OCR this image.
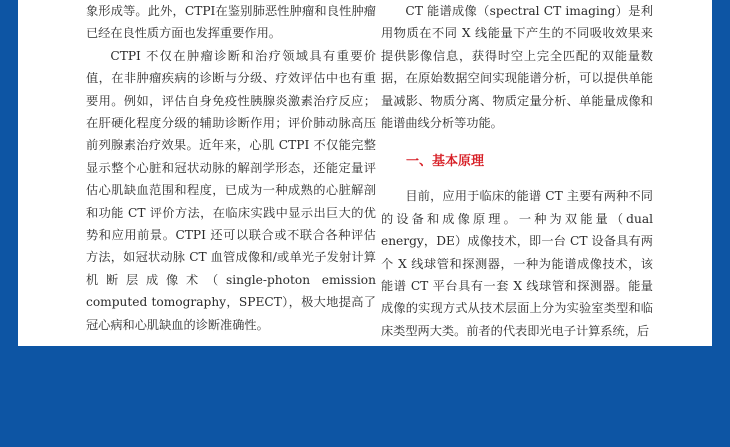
象形成等。此外，CTPI在鉴别肺恶性肿瘤和良性肿瘤已经在良性质方面也发挥重要作用。

CTPI 不仅在肿瘤诊断和治疗领域具有重要价值，在非肿瘤疾病的诊断与分级、疗效评估中也有重要用。例如，评估自身免疫性胰腺炎激素治疗反应；在肝硬化程度分级的辅助诊断作用；评价肺动脉高压前列腺素治疗效果。近年来，心肌 CTPI 不仅能完整显示整个心脏和冠状动脉的解剖学形态，还能定量评估心肌缺血范围和程度，已成为一种成熟的心脏解剖和功能 CT 评价方法，在临床实践中显示出巨大的优势和应用前景。CTPI 还可以联合或不联合各种评估方法，如冠状动脉 CT 血管成像和/或单光子发射计算机断层成像术（single-photon emission computed tomography，SPECT），极大地提高了冠心病和心肌缺血的诊断准确性。

CT 能谱成像（spectral CT imaging）是利用物质在不同 X 线能量下产生的不同吸收效果来提供影像信息，获得时空上完全匹配的双能量数据，在原始数据空间实现能谱分析，可以提供单能量减影、物质分离、物质定量分析、单能量成像和能谱曲线分析等功能。

一、基本原理

目前，应用于临床的能谱 CT 主要有两种不同的设备和成像原理。一种为双能量（dual energy，DE）成像技术，即一台 CT 设备具有两个 X 线球管和探测器，一种为能谱成像技术，该能谱 CT 平台具有一套 X 线球管和探测器。能量成像的实现方式从技术层面上分为实验室类型和临床类型两大类。前者的代表即光电子计算系统，后
